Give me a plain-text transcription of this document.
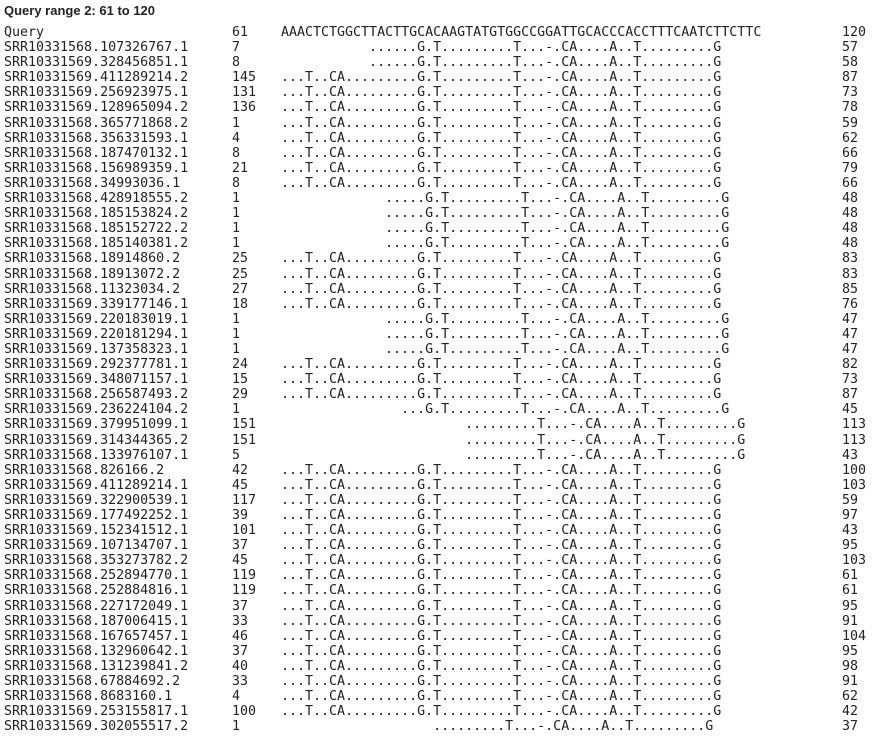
Query range 2: 61 to 120
Query	61 AAACTCTGGCTTACTTGCACAAGTATGTGGCCGGATTGCACCCACCTTTCAATCTTCTTC	120
SRR10331568.107326767.1	7	......G.T.........T...-.CA....A..T.........G	57
SRR10331569.328456851.1	8	......G.T.........T...-.CA....A..T.........G	58
SRR10331569.411289214.2	145 ...T..CA.........G.T.........T...-.CA....A..T.........G	87
SRR10331569.256923975.1	131 ...T..CA.........G.T.........T...-.CA....A..T.........G	73
SRR10331569.128965094.2	136 ...T..CA.........G.T.........T...-.CA....A..T.........G	78
SRR10331568.365771868.2	1	...T..CA.........G.T.........T...-.CA....A..T.........G	59
SRR10331568.356331593.1	4	...T..CA.........G.T.........T...-.CA....A..T.........G	62
SRR10331568.187470132.1	8	...T..CA.........G.T.........T...-.CA....A..T.........G	66
SRR10331568.156989359.1	21 ...T..CA.........G.T.........T...-.CA....A..T.........G	79
SRR10331568.34993036.1	8	...T..CA.........G.T.........T...-.CA....A..T.........G	66
SRR10331568.428918555.2	1	.....G.T.........T...-.CA....A..T.........G	48
SRR10331568.185153824.2	1	.....G.T.........T...-.CA....A..T.........G	48
SRR10331568.185152722.2	1	.....G.T.........T...-.CA....A..T.........G	48
SRR10331568.185140381.2	1	.....G.T.........T...-.CA....A..T.........G	48
SRR10331568.18914860.2	25 ...T..CA.........G.T.........T...-.CA....A..T.........G	83
SRR10331568.18913072.2	25 ...T..CA.........G.T.........T...-.CA....A..T.........G	83
SRR10331568.11323034.2	27 ...T..CA.........G.T.........T...-.CA....A..T.........G	85
SRR10331569.339177146.1	18 ...T..CA.........G.T.........T...-.CA....A..T.........G	76
SRR10331569.220183019.1	1	.....G.T.........T...-.CA....A..T.........G	47
SRR10331569.220181294.1	1	.....G.T.........T...-.CA....A..T.........G	47
SRR10331569.137358323.1	1	.....G.T.........T...-.CA....A..T.........G	47
SRR10331569.292377781.1	24 ...T..CA.........G.T.........T...-.CA....A..T.........G	82
SRR10331569.348071157.1	15 ...T..CA.........G.T.........T...-.CA....A..T.........G	73
SRR10331568.256587493.2	29 ...T..CA.........G.T.........T...-.CA....A..T.........G	87
SRR10331569.236224104.2	1	...G.T.........T...-.CA....A..T.........G	45
SRR10331569.379951099.1	151 .........T...-.CA....A..T.........G	113
SRR10331569.314344365.2	151 .........T...-.CA....A..T.........G	113
SRR10331568.133976107.1	5	.........T...-.CA....A..T.........G	43
SRR10331568.826166.2	42 ...T..CA.........G.T.........T...-.CA....A..T.........G	100
SRR10331569.411289214.1	45 ...T..CA.........G.T.........T...-.CA....A..T.........G	103
SRR10331569.322900539.1	117 ...T..CA.........G.T.........T...-.CA....A..T.........G	59
SRR10331569.177492252.1	39 ...T..CA.........G.T.........T...-.CA....A..T.........G	97
SRR10331569.152341512.1	101 ...T..CA.........G.T.........T...-.CA....A..T.........G	43
SRR10331569.107134707.1	37 ...T..CA.........G.T.........T...-.CA....A..T.........G	95
SRR10331568.353273782.2	45 ...T..CA.........G.T.........T...-.CA....A..T.........G	103
SRR10331568.252894770.1	119 ...T..CA.........G.T.........T...-.CA....A..T.........G	61
SRR10331568.252884816.1	119 ...T..CA.........G.T.........T...-.CA....A..T.........G	61
SRR10331568.227172049.1	37 ...T..CA.........G.T.........T...-.CA....A..T.........G	95
SRR10331568.187006415.1	33 ...T..CA.........G.T.........T...-.CA....A..T.........G	91
SRR10331568.167657457.1	46 ...T..CA.........G.T.........T...-.CA....A..T.........G	104
SRR10331568.132960642.1	37 ...T..CA.........G.T.........T...-.CA....A..T.........G	95
SRR10331568.131239841.2	40 ...T..CA.........G.T.........T...-.CA....A..T.........G	98
SRR10331568.67884692.2	33 ...T..CA.........G.T.........T...-.CA....A..T.........G	91
SRR10331568.8683160.1	4	...T..CA.........G.T.........T...-.CA....A..T.........G	62
SRR10331569.253155817.1	100 ...T..CA.........G.T.........T...-.CA....A..T.........G	42
SRR10331569.302055517.2	1	.........T...-.CA....A..T.........G	37
